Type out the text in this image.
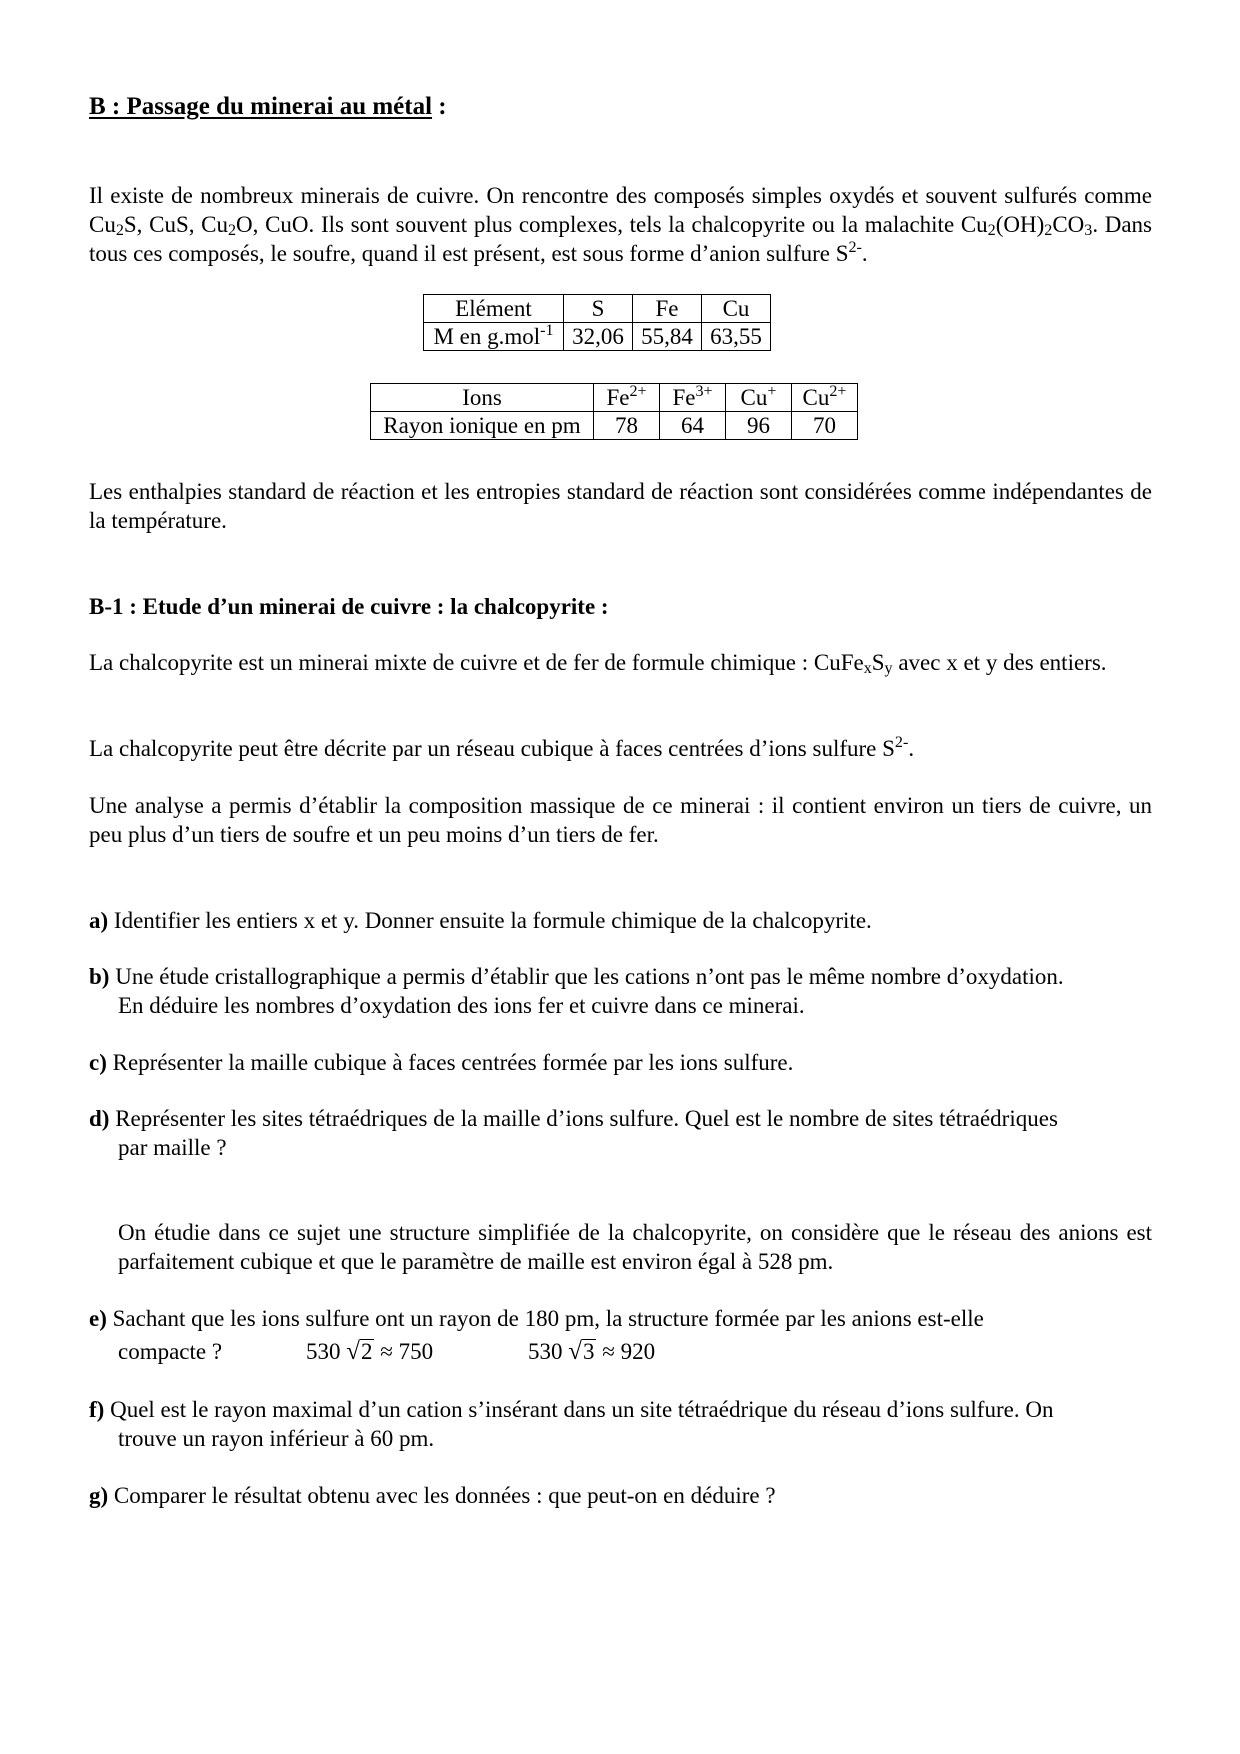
B : Passage du minerai au métal :
Il existe de nombreux minerais de cuivre. On rencontre des composés simples oxydés et souvent sulfurés comme $Cu_2S$, CuS, $Cu_2O$, CuO. Ils sont souvent plus complexes, tels la chalcopyrite ou la malachite $Cu_2(OH)_2CO_3$. Dans tous ces composés, le soufre, quand il est présent, est sous forme d’anion sulfure $S^{2-}$.
Elément	S	Fe	Cu
M en g.mol$^{-1}$	32,06	55,84	63,55
Ions	$Fe^{2+}$	$Fe^{3+}$	Cu+	$Cu^{2+}$
Rayon ionique en pm	78	64	96	70
Les enthalpies standard de réaction et les entropies standard de réaction sont considérées comme indépendantes de la température.
B-1 : Etude d’un minerai de cuivre : la chalcopyrite :
La chalcopyrite est un minerai mixte de cuivre et de fer de formule chimique : $CuFe_xS_y$ avec x et y des entiers.
La chalcopyrite peut être décrite par un réseau cubique à faces centrées d’ions sulfure $S^{2-}$.
Une analyse a permis d’établir la composition massique de ce minerai : il contient environ un tiers de cuivre, un peu plus d’un tiers de soufre et un peu moins d’un tiers de fer.
a) Identifier les entiers x et y. Donner ensuite la formule chimique de la chalcopyrite.
b) Une étude cristallographique a permis d’établir que les cations n’ont pas le même nombre d’oxydation.
En déduire les nombres d’oxydation des ions fer et cuivre dans ce minerai.
c) Représenter la maille cubique à faces centrées formée par les ions sulfure.
d) Représenter les sites tétraédriques de la maille d’ions sulfure. Quel est le nombre de sites tétraédriques
par maille ?
On étudie dans ce sujet une structure simplifiée de la chalcopyrite, on considère que le réseau des anions est parfaitement cubique et que le paramètre de maille est environ égal à 528 pm.
e) Sachant que les ions sulfure ont un rayon de 180 pm, la structure formée par les anions est-elle
compacte ?	530 √2 ≈ 750	530 √3 ≈ 920
f) Quel est le rayon maximal d’un cation s’insérant dans un site tétraédrique du réseau d’ions sulfure. On
trouve un rayon inférieur à 60 pm.
g) Comparer le résultat obtenu avec les données : que peut-on en déduire ?
